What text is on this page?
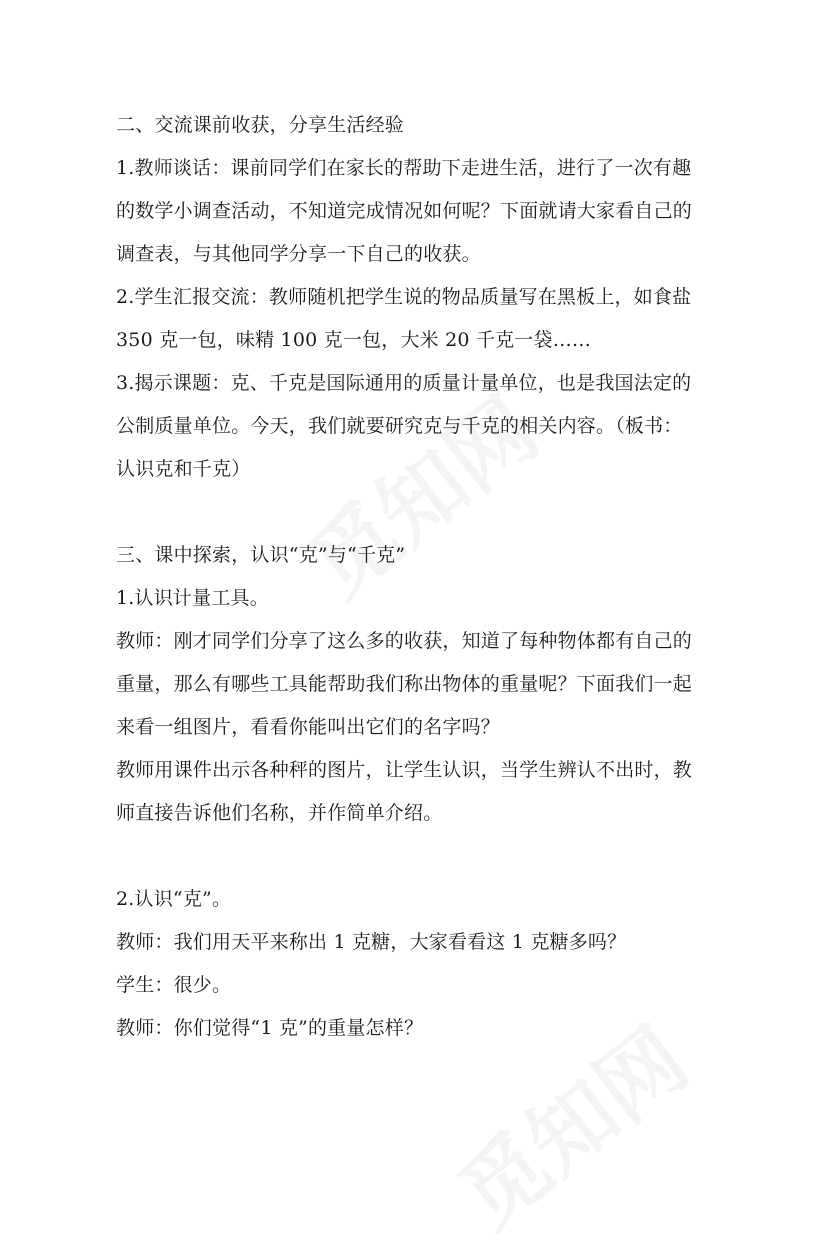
二、交流课前收获，分享生活经验
1.教师谈话：课前同学们在家长的帮助下走进生活，进行了一次有趣
的数学小调查活动，不知道完成情况如何呢？下面就请大家看自己的
调查表，与其他同学分享一下自己的收获。
2.学生汇报交流：教师随机把学生说的物品质量写在黑板上，如食盐
350 克一包，味精 100 克一包，大米 20 千克一袋……
3.揭示课题：克、千克是国际通用的质量计量单位，也是我国法定的
公制质量单位。今天，我们就要研究克与千克的相关内容。（板书：
认识克和千克）
三、课中探索，认识“克”与“千克”
1.认识计量工具。
教师：刚才同学们分享了这么多的收获，知道了每种物体都有自己的
重量，那么有哪些工具能帮助我们称出物体的重量呢？下面我们一起
来看一组图片，看看你能叫出它们的名字吗？
教师用课件出示各种秤的图片，让学生认识，当学生辨认不出时，教
师直接告诉他们名称，并作简单介绍。
2.认识“克”。
教师：我们用天平来称出 1 克糖，大家看看这 1 克糖多吗？
学生：很少。
教师：你们觉得“1 克”的重量怎样？
